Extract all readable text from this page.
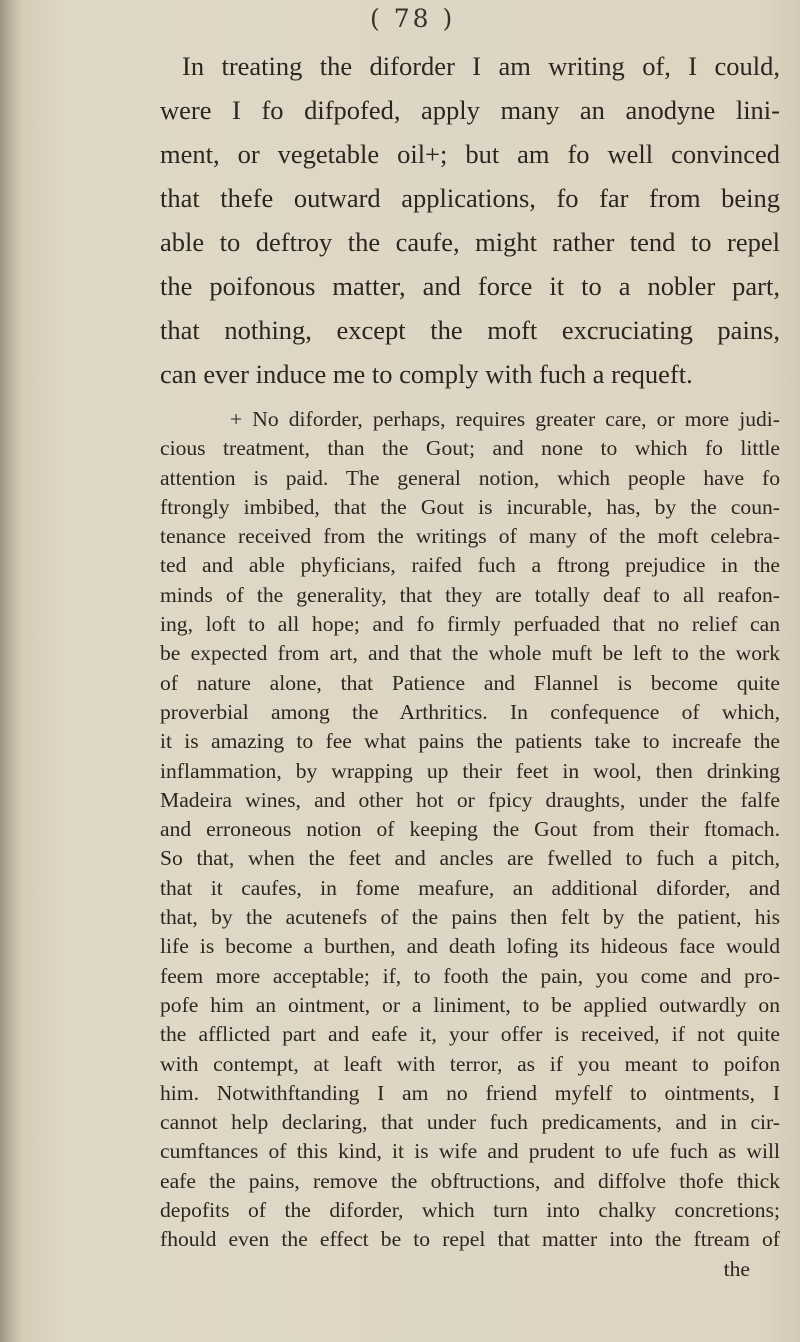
( 78 )

In treating the diforder I am writing of, I could,

were I fo difpofed, apply many an anodyne lini-

ment, or vegetable oil+; but am fo well convinced

that thefe outward applications, fo far from being

able to deftroy the caufe, might rather tend to repel

the poifonous matter, and force it to a nobler part,

that nothing, except the moft excruciating pains,

can ever induce me to comply with fuch a requeft.

+ No diforder, perhaps, requires greater care, or more judi-

cious treatment, than the Gout; and none to which fo little

attention is paid. The general notion, which people have fo

ftrongly imbibed, that the Gout is incurable, has, by the coun-

tenance received from the writings of many of the moft celebra-

ted and able phyficians, raifed fuch a ftrong prejudice in the

minds of the generality, that they are totally deaf to all reafon-

ing, loft to all hope; and fo firmly perfuaded that no relief can

be expected from art, and that the whole muft be left to the work

of nature alone, that Patience and Flannel is become quite

proverbial among the Arthritics. In confequence of which,

it is amazing to fee what pains the patients take to increafe the

inflammation, by wrapping up their feet in wool, then drinking

Madeira wines, and other hot or fpicy draughts, under the falfe

and erroneous notion of keeping the Gout from their ftomach.

So that, when the feet and ancles are fwelled to fuch a pitch,

that it caufes, in fome meafure, an additional diforder, and

that, by the acutenefs of the pains then felt by the patient, his

life is become a burthen, and death lofing its hideous face would

feem more acceptable; if, to footh the pain, you come and pro-

pofe him an ointment, or a liniment, to be applied outwardly on

the afflicted part and eafe it, your offer is received, if not quite

with contempt, at leaft with terror, as if you meant to poifon

him. Notwithftanding I am no friend myfelf to ointments, I

cannot help declaring, that under fuch predicaments, and in cir-

cumftances of this kind, it is wife and prudent to ufe fuch as will

eafe the pains, remove the obftructions, and diffolve thofe thick

depofits of the diforder, which turn into chalky concretions;

fhould even the effect be to repel that matter into the ftream of

the
